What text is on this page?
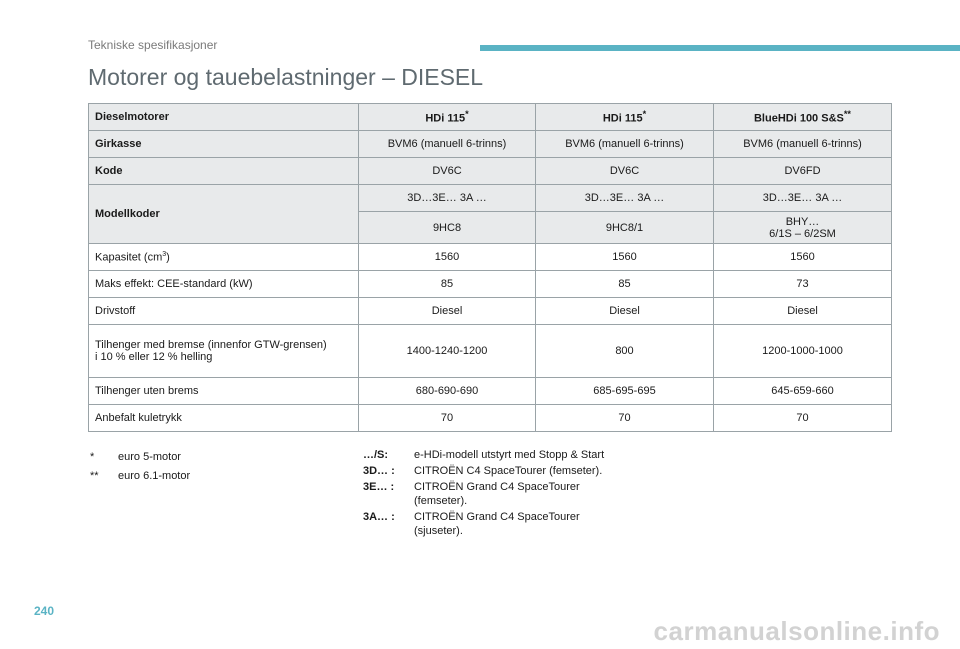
Tekniske spesifikasjoner
Motorer og tauebelastninger – DIESEL
Dieselmotorer	HDi 115*	HDi 115*	BlueHDi 100 S&S**
Girkasse	BVM6 (manuell 6-trinns)	BVM6 (manuell 6-trinns)	BVM6 (manuell 6-trinns)
Kode	DV6C	DV6C	DV6FD
Modellkoder	3D…3E… 3A …	3D…3E… 3A …	3D…3E… 3A …
	9HC8	9HC8/1	BHY…
6/1S – 6/2SM
Kapasitet $(cm^3)$	1560	1560	1560
Maks effekt: CEE-standard (kW)	85	85	73
Drivstoff	Diesel	Diesel	Diesel
Tilhenger med bremse (innenfor GTW-grensen)
i 10 % eller 12 % helling	1400-1240-1200	800	1200-1000-1000
Tilhenger uten brems	680-690-690	685-695-695	645-659-660
Anbefalt kuletrykk	70	70	70
*	euro 5-motor
**	euro 6.1-motor
…/S:	e-HDi-modell utstyrt med Stopp & Start
3D… :	CITROËN C4 SpaceTourer (femseter).
3E… :	CITROËN Grand C4 SpaceTourer (femseter).
3A… :	CITROËN Grand C4 SpaceTourer (sjuseter).
240
carmanualsonline.info
